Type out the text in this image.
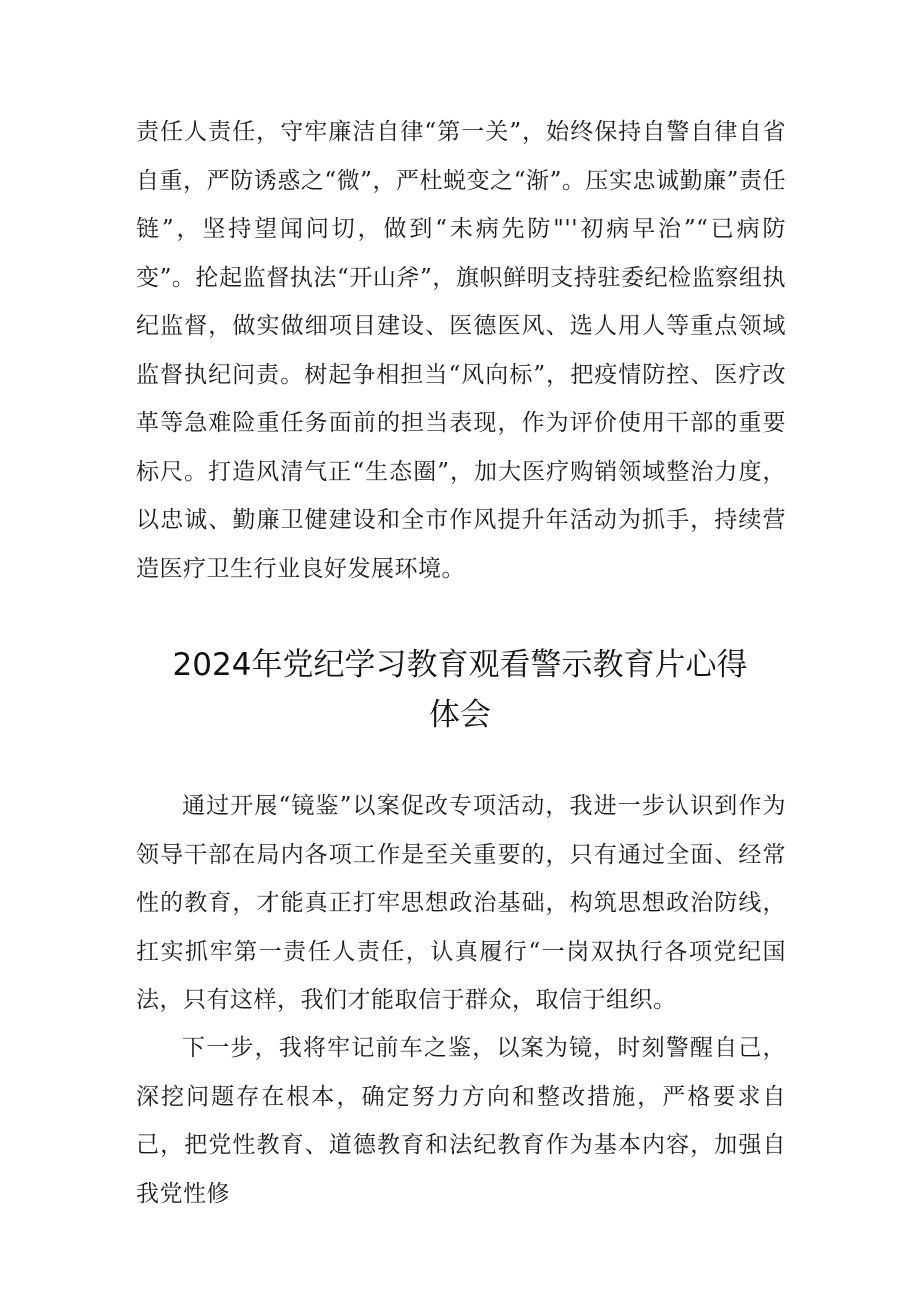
责任人责任，守牢廉洁自律“第一关”，始终保持自警自律自省自重，严防诱惑之“微”，严杜蜕变之“渐”。压实忠诚勤廉”责任链”，坚持望闻问切，做到“未病先防"''初病早治”“已病防变”。抡起监督执法“开山斧”，旗帜鲜明支持驻委纪检监察组执纪监督，做实做细项目建设、医德医风、选人用人等重点领域监督执纪问责。树起争相担当“风向标”，把疫情防控、医疗改革等急难险重任务面前的担当表现，作为评价使用干部的重要标尺。打造风清气正“生态圈”，加大医疗购销领域整治力度，以忠诚、勤廉卫健建设和全市作风提升年活动为抓手，持续营造医疗卫生行业良好发展环境。

2024年党纪学习教育观看警示教育片心得
体会

通过开展“镜鉴”以案促改专项活动，我进一步认识到作为领导干部在局内各项工作是至关重要的，只有通过全面、经常性的教育，才能真正打牢思想政治基础，构筑思想政治防线，扛实抓牢第一责任人责任，认真履行“一岗双执行各项党纪国法，只有这样，我们才能取信于群众，取信于组织。

下一步，我将牢记前车之鉴，以案为镜，时刻警醒自己，深挖问题存在根本，确定努力方向和整改措施，严格要求自己，把党性教育、道德教育和法纪教育作为基本内容，加强自我党性修
